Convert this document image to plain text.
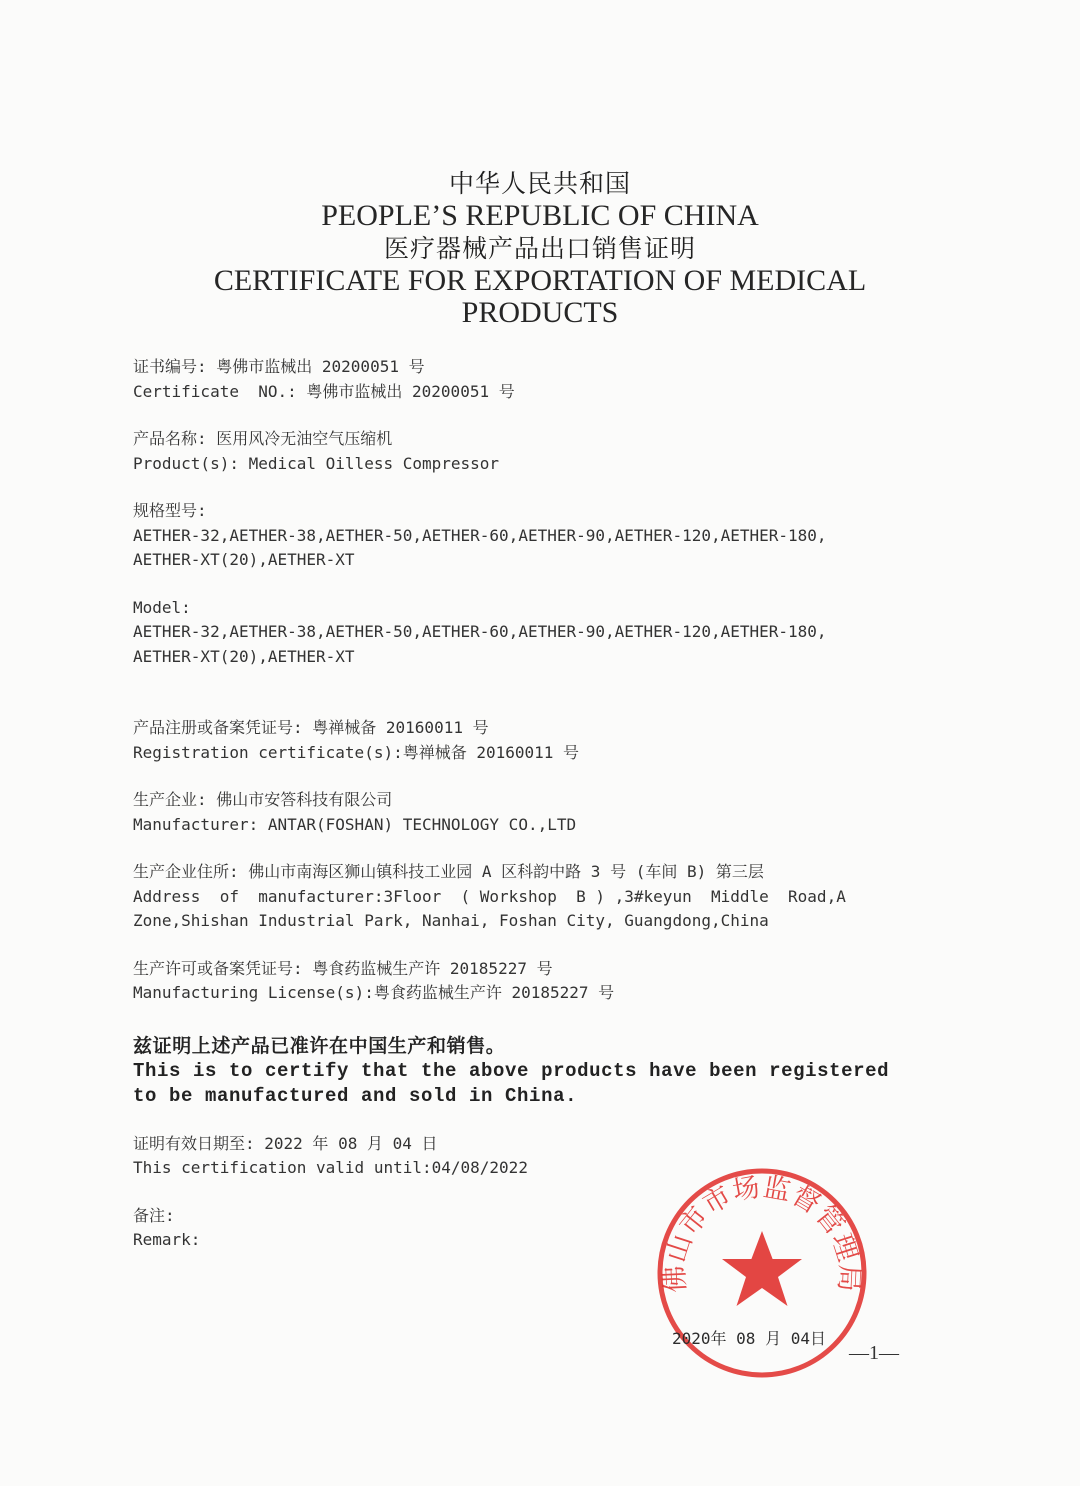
中华人民共和国
PEOPLE’S REPUBLIC OF CHINA
医疗器械产品出口销售证明
CERTIFICATE FOR EXPORTATION OF MEDICAL
PRODUCTS
证书编号: 粤佛市监械出 20200051 号
Certificate  NO.: 粤佛市监械出 20200051 号
产品名称: 医用风冷无油空气压缩机
Product(s): Medical Oilless Compressor
规格型号:
AETHER-32,AETHER-38,AETHER-50,AETHER-60,AETHER-90,AETHER-120,AETHER-180,
AETHER-XT(20),AETHER-XT
Model:
AETHER-32,AETHER-38,AETHER-50,AETHER-60,AETHER-90,AETHER-120,AETHER-180,
AETHER-XT(20),AETHER-XT
产品注册或备案凭证号: 粤禅械备 20160011 号
Registration certificate(s):粤禅械备 20160011 号
生产企业: 佛山市安答科技有限公司
Manufacturer: ANTAR(FOSHAN) TECHNOLOGY CO.,LTD
生产企业住所: 佛山市南海区狮山镇科技工业园 A 区科韵中路 3 号 (车间 B) 第三层
Address  of  manufacturer:3Floor  ( Workshop  B ) ,3#keyun  Middle  Road,A
Zone,Shishan Industrial Park, Nanhai, Foshan City, Guangdong,China
生产许可或备案凭证号: 粤食药监械生产许 20185227 号
Manufacturing License(s):粤食药监械生产许 20185227 号
兹证明上述产品已准许在中国生产和销售。
This is to certify that the above products have been registered
to be manufactured and sold in China.
证明有效日期至: 2022 年 08 月 04 日
This certification valid until:04/08/2022
备注:
Remark:
佛山市市场监督管理局
2020年 08 月 04日
—1—
